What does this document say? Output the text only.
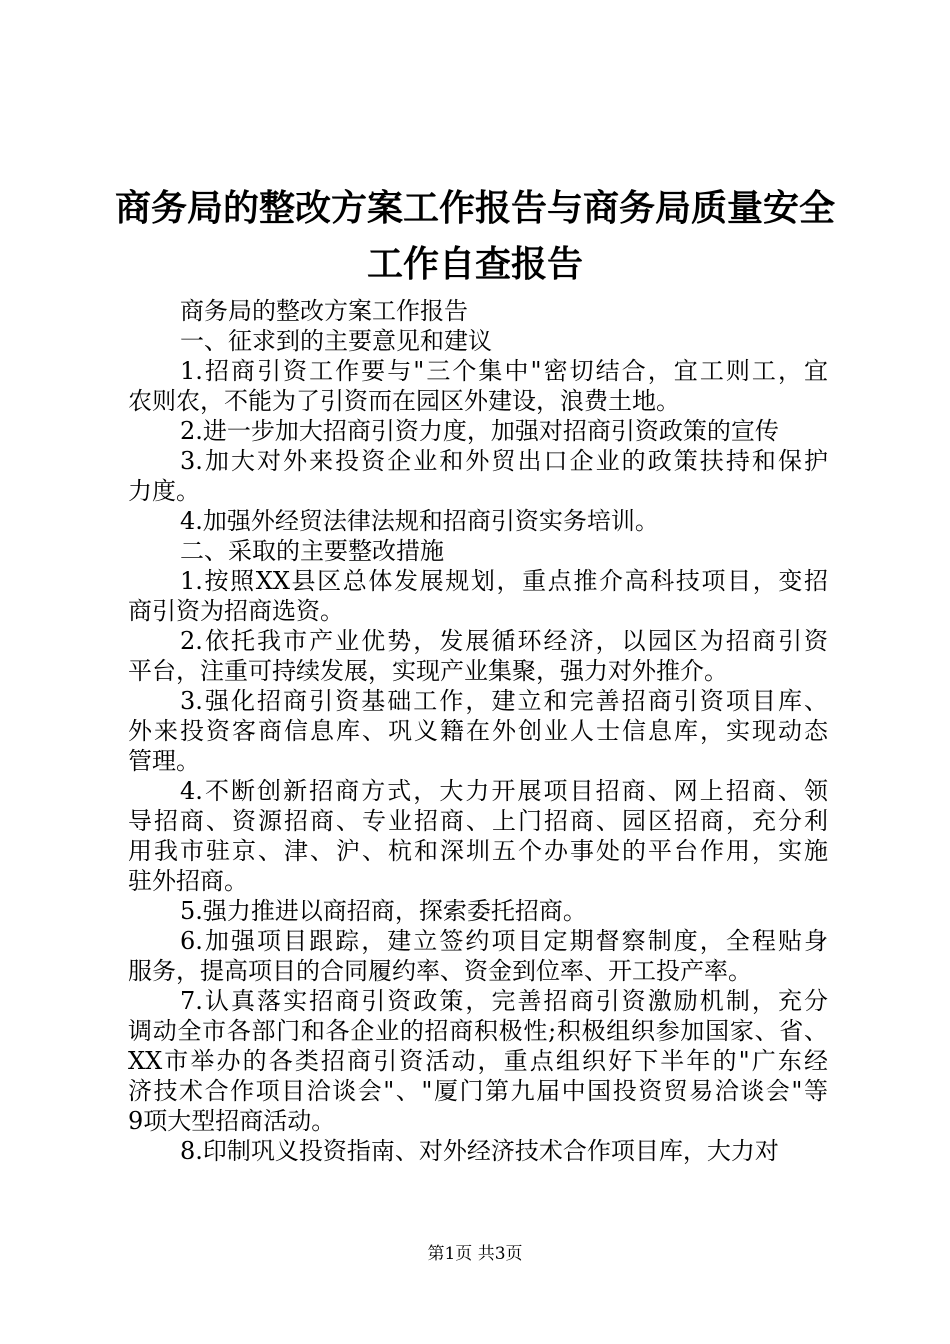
商务局的整改方案工作报告与商务局质量安全
工作自查报告
商务局的整改方案工作报告
一、征求到的主要意见和建议
1.招商引资工作要与"三个集中"密切结合，宜工则工，宜
农则农，不能为了引资而在园区外建设，浪费土地。
2.进一步加大招商引资力度，加强对招商引资政策的宣传
3.加大对外来投资企业和外贸出口企业的政策扶持和保护
力度。
4.加强外经贸法律法规和招商引资实务培训。
二、采取的主要整改措施
1.按照XX县区总体发展规划，重点推介高科技项目，变招
商引资为招商选资。
2.依托我市产业优势，发展循环经济，以园区为招商引资
平台，注重可持续发展，实现产业集聚，强力对外推介。
3.强化招商引资基础工作，建立和完善招商引资项目库、
外来投资客商信息库、巩义籍在外创业人士信息库，实现动态
管理。
4.不断创新招商方式，大力开展项目招商、网上招商、领
导招商、资源招商、专业招商、上门招商、园区招商，充分利
用我市驻京、津、沪、杭和深圳五个办事处的平台作用，实施
驻外招商。
5.强力推进以商招商，探索委托招商。
6.加强项目跟踪，建立签约项目定期督察制度，全程贴身
服务，提高项目的合同履约率、资金到位率、开工投产率。
7.认真落实招商引资政策，完善招商引资激励机制，充分
调动全市各部门和各企业的招商积极性;积极组织参加国家、省、
XX市举办的各类招商引资活动，重点组织好下半年的"广东经
济技术合作项目洽谈会"、"厦门第九届中国投资贸易洽谈会"等
9项大型招商活动。
8.印制巩义投资指南、对外经济技术合作项目库，大力对
第1页 共3页
